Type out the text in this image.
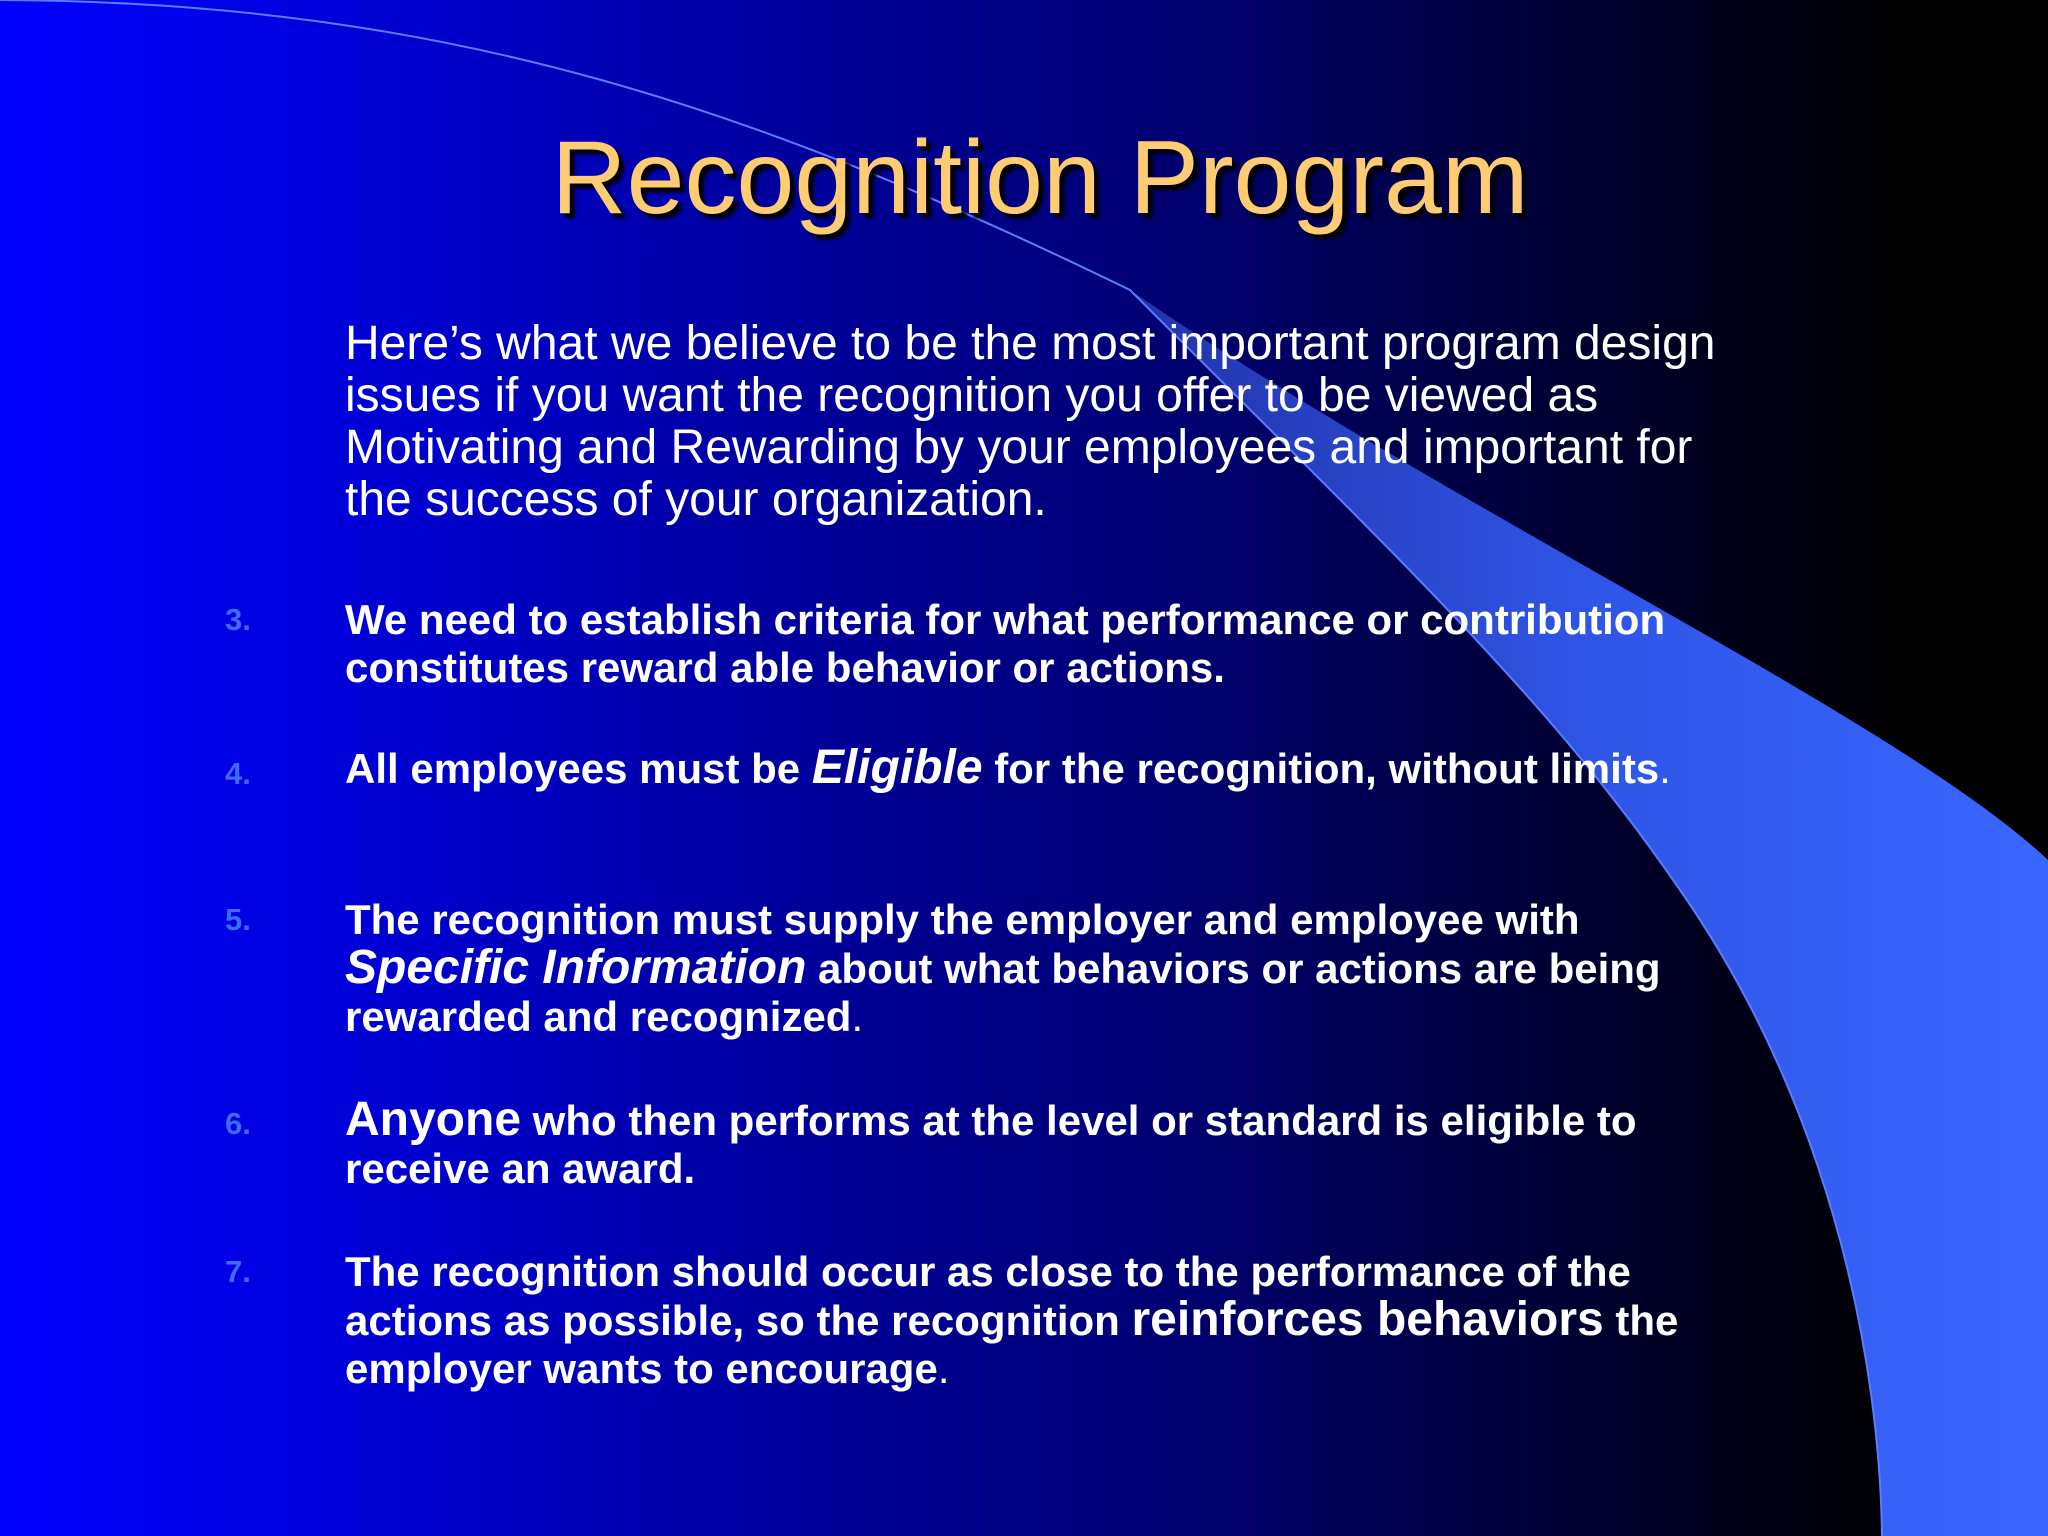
Recognition Program

Here’s what we believe to be the most important program design issues if you want the recognition you offer to be viewed as Motivating and Rewarding by your employees and important for the success of your organization.

3.	We need to establish criteria for what performance or contribution constitutes reward able behavior or actions.
4.	All employees must be Eligible for the recognition, without limits.
5.	The recognition must supply the employer and employee with Specific Information about what behaviors or actions are being rewarded and recognized.
6.	Anyone who then performs at the level or standard is eligible to receive an award.
7.	The recognition should occur as close to the performance of the actions as possible, so the recognition reinforces behaviors the employer wants to encourage.
